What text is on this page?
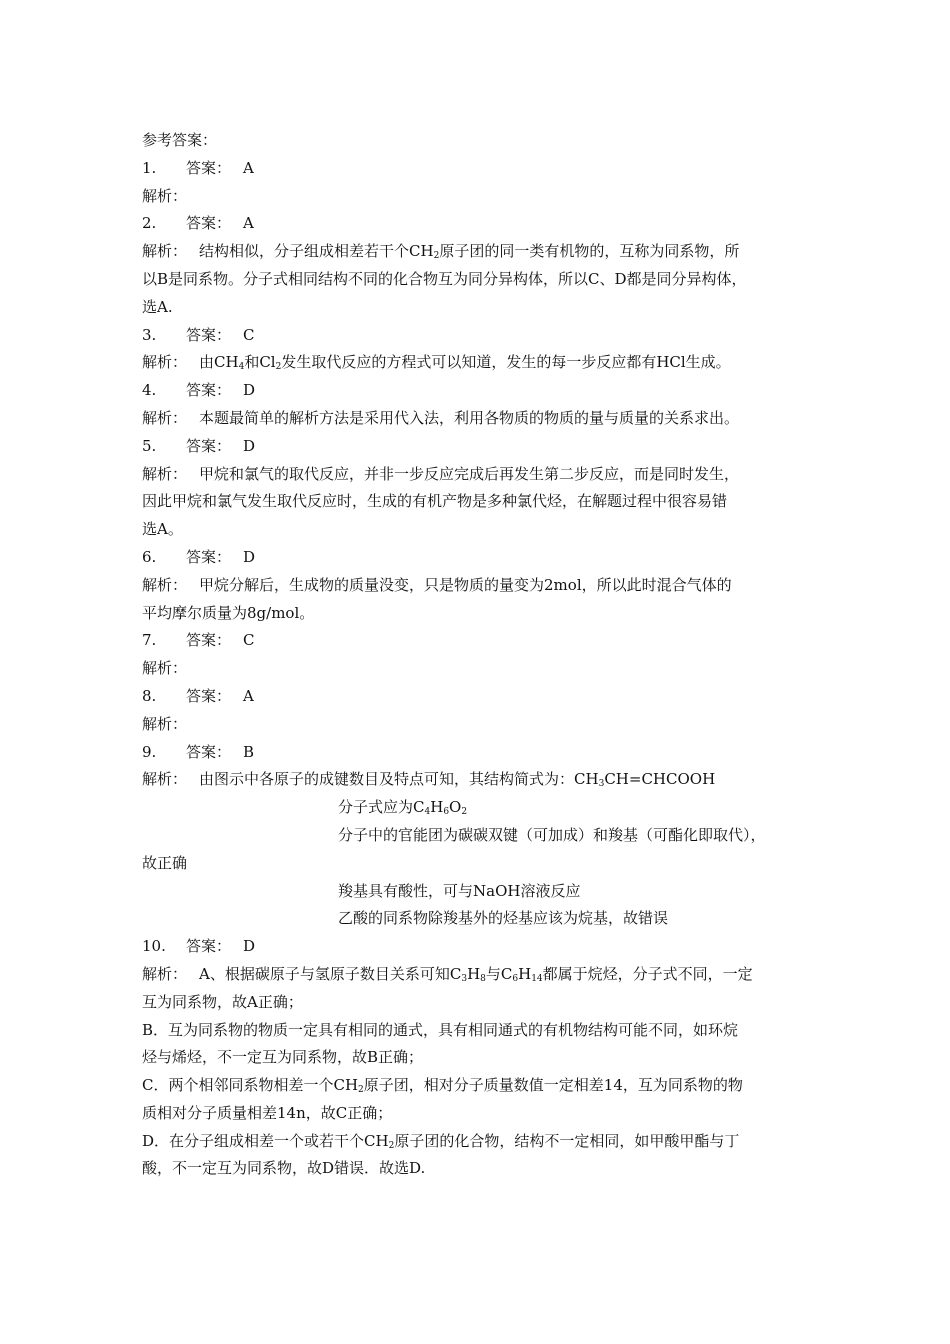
参考答案：
1. 答案： A
解析：
2. 答案： A
解析： 结构相似，分子组成相差若干个$CH_2$原子团的同一类有机物的，互称为同系物，所
以B是同系物。分子式相同结构不同的化合物互为同分异构体，所以C、D都是同分异构体，
选A.
3. 答案： C
解析： 由$CH_4$和$Cl_2$发生取代反应的方程式可以知道，发生的每一步反应都有HCl生成。
4. 答案： D
解析： 本题最简单的解析方法是采用代入法，利用各物质的物质的量与质量的关系求出。
5. 答案： D
解析： 甲烷和氯气的取代反应，并非一步反应完成后再发生第二步反应，而是同时发生，
因此甲烷和氯气发生取代反应时，生成的有机产物是多种氯代烃，在解题过程中很容易错
选A。
6. 答案： D
解析： 甲烷分解后，生成物的质量没变，只是物质的量变为2mol，所以此时混合气体的
平均摩尔质量为8g/mol。
7. 答案： C
解析：
8. 答案： A
解析：
9. 答案： B
解析： 由图示中各原子的成键数目及特点可知，其结构简式为：$CH_3CH=CHCOOH$
分子式应为$C_4H_6O_2$
分子中的官能团为碳碳双键（可加成）和羧基（可酯化即取代），
故正确
羧基具有酸性，可与NaOH溶液反应
乙酸的同系物除羧基外的烃基应该为烷基，故错误
10. 答案： D
解析： A、根据碳原子与氢原子数目关系可知$C_3H_8$与$C_6H_{14}$都属于烷烃，分子式不同，一定
互为同系物，故A正确；
B．互为同系物的物质一定具有相同的通式，具有相同通式的有机物结构可能不同，如环烷
烃与烯烃，不一定互为同系物，故B正确；
C．两个相邻同系物相差一个$CH_2$原子团，相对分子质量数值一定相差14，互为同系物的物
质相对分子质量相差14n，故C正确；
D．在分子组成相差一个或若干个$CH_2$原子团的化合物，结构不一定相同，如甲酸甲酯与丁
酸，不一定互为同系物，故D错误．故选D.
